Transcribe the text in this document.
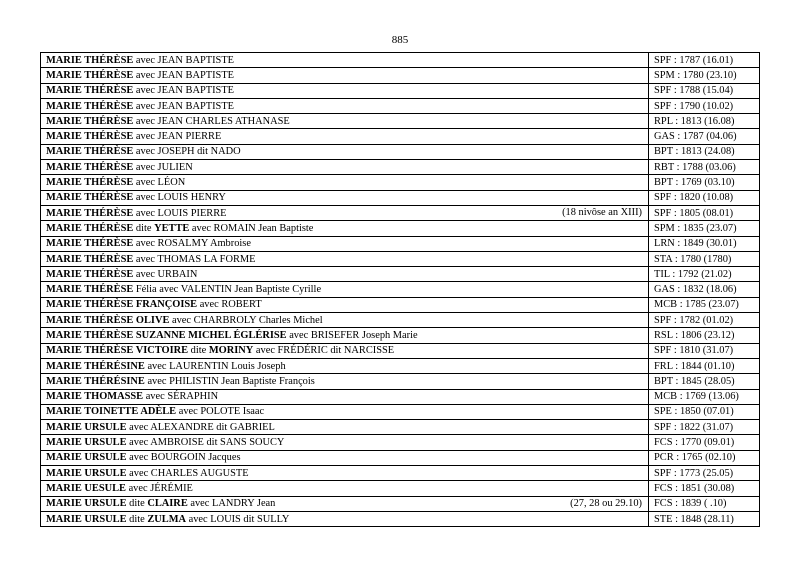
885
MARIE THÉRÈSE avec JEAN BAPTISTE	SPF : 1787 (16.01)
MARIE THÉRÈSE avec JEAN BAPTISTE	SPM : 1780 (23.10)
MARIE THÉRÈSE avec JEAN BAPTISTE	SPF : 1788 (15.04)
MARIE THÉRÈSE avec JEAN BAPTISTE	SPF : 1790 (10.02)
MARIE THÉRÈSE avec JEAN CHARLES ATHANASE	RPL : 1813 (16.08)
MARIE THÉRÈSE avec JEAN PIERRE	GAS : 1787 (04.06)
MARIE THÉRÈSE avec JOSEPH dit NADO	BPT : 1813 (24.08)
MARIE THÉRÈSE avec JULIEN	RBT : 1788 (03.06)
MARIE THÉRÈSE avec LÉON	BPT : 1769 (03.10)
MARIE THÉRÈSE avec LOUIS HENRY	SPF : 1820 (10.08)
MARIE THÉRÈSE avec LOUIS PIERRE (18 nivôse an XIII)	SPF : 1805 (08.01)
MARIE THÉRÈSE dite YETTE avec ROMAIN Jean Baptiste	SPM : 1835 (23.07)
MARIE THÉRÈSE avec ROSALMY Ambroise	LRN : 1849 (30.01)
MARIE THÉRÈSE avec THOMAS LA FORME	STA : 1780 (1780)
MARIE THÉRÈSE avec URBAIN	TIL : 1792 (21.02)
MARIE THÉRÈSE Félia avec VALENTIN Jean Baptiste Cyrille	GAS : 1832 (18.06)
MARIE THÉRÈSE FRANÇOISE avec ROBERT	MCB : 1785 (23.07)
MARIE THÉRÈSE OLIVE avec CHARBROLY Charles Michel	SPF : 1782 (01.02)
MARIE THÉRÈSE SUZANNE MICHEL ÉGLÉRISE avec BRISEFER Joseph Marie	RSL : 1806 (23.12)
MARIE THÉRÈSE VICTOIRE dite MORINY avec FRÉDÉRIC dit NARCISSE	SPF : 1810 (31.07)
MARIE THÉRÉSINE avec LAURENTIN Louis Joseph	FRL : 1844 (01.10)
MARIE THÉRÉSINE avec PHILISTIN Jean Baptiste François	BPT : 1845 (28.05)
MARIE THOMASSE avec SÉRAPHIN	MCB : 1769 (13.06)
MARIE TOINETTE ADÈLE avec POLOTE Isaac	SPE : 1850 (07.01)
MARIE URSULE avec ALEXANDRE dit GABRIEL	SPF : 1822 (31.07)
MARIE URSULE avec AMBROISE dit SANS SOUCY	FCS : 1770 (09.01)
MARIE URSULE avec BOURGOIN Jacques	PCR : 1765 (02.10)
MARIE URSULE avec CHARLES AUGUSTE	SPF : 1773 (25.05)
MARIE UESULE avec JÉRÉMIE	FCS : 1851 (30.08)
MARIE URSULE dite CLAIRE avec LANDRY Jean (27, 28 ou 29.10)	FCS : 1839 ( .10)
MARIE URSULE dite ZULMA avec LOUIS dit SULLY	STE : 1848 (28.11)
